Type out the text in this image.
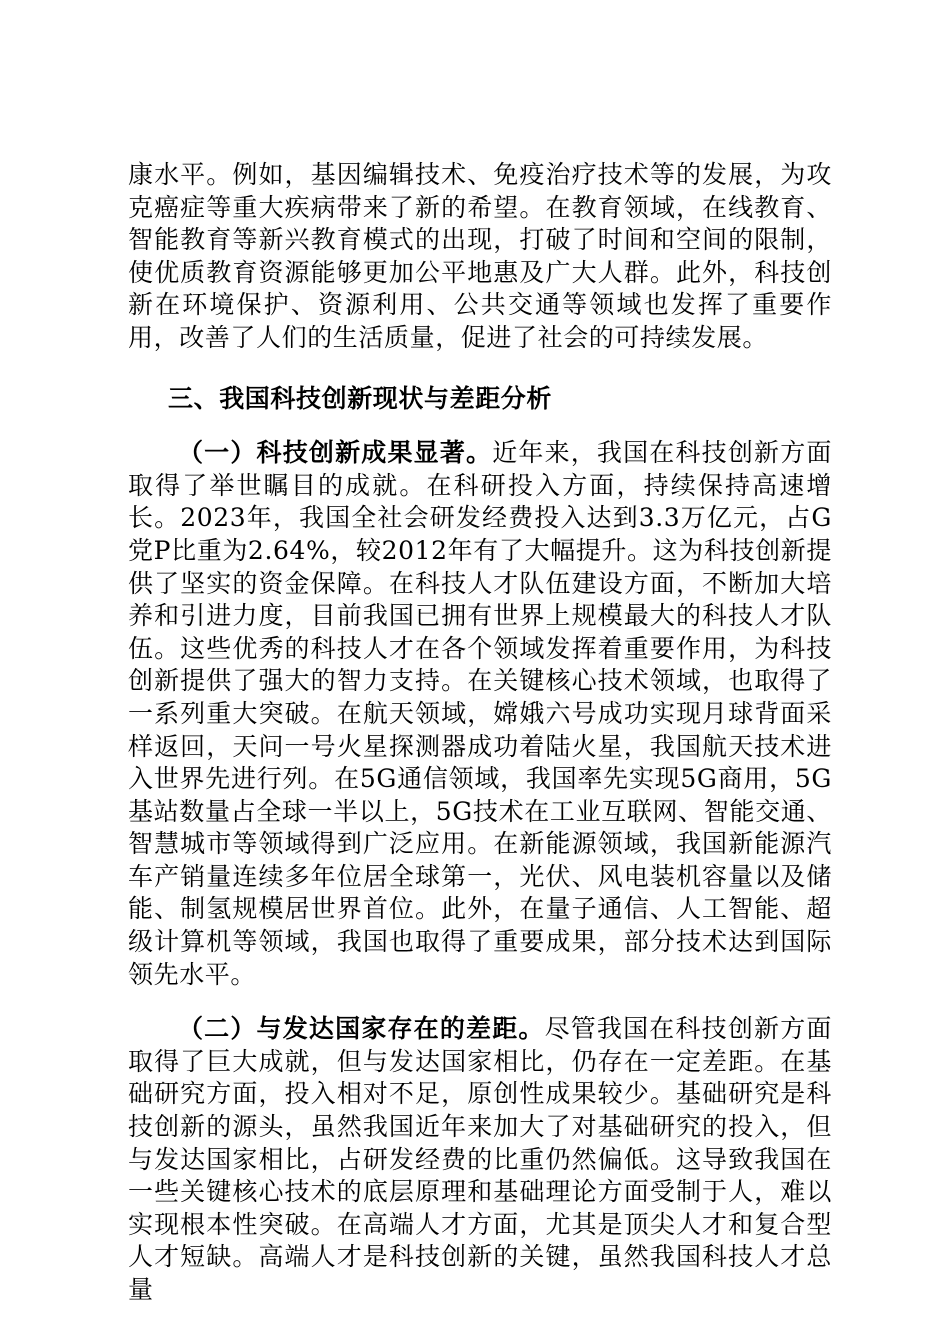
康水平。例如，基因编辑技术、免疫治疗技术等的发展，为攻克癌症等重大疾病带来了新的希望。在教育领域，在线教育、智能教育等新兴教育模式的出现，打破了时间和空间的限制，使优质教育资源能够更加公平地惠及广大人群。此外，科技创新在环境保护、资源利用、公共交通等领域也发挥了重要作用，改善了人们的生活质量，促进了社会的可持续发展。

三、我国科技创新现状与差距分析

（一）科技创新成果显著。近年来，我国在科技创新方面取得了举世瞩目的成就。在科研投入方面，持续保持高速增长。2023年，我国全社会研发经费投入达到3.3万亿元，占G党P比重为2.64%，较2012年有了大幅提升。这为科技创新提供了坚实的资金保障。在科技人才队伍建设方面，不断加大培养和引进力度，目前我国已拥有世界上规模最大的科技人才队伍。这些优秀的科技人才在各个领域发挥着重要作用，为科技创新提供了强大的智力支持。在关键核心技术领域，也取得了一系列重大突破。在航天领域，嫦娥六号成功实现月球背面采样返回，天问一号火星探测器成功着陆火星，我国航天技术进入世界先进行列。在5G通信领域，我国率先实现5G商用，5G基站数量占全球一半以上，5G技术在工业互联网、智能交通、智慧城市等领域得到广泛应用。在新能源领域，我国新能源汽车产销量连续多年位居全球第一，光伏、风电装机容量以及储能、制氢规模居世界首位。此外，在量子通信、人工智能、超级计算机等领域，我国也取得了重要成果，部分技术达到国际领先水平。

（二）与发达国家存在的差距。尽管我国在科技创新方面取得了巨大成就，但与发达国家相比，仍存在一定差距。在基础研究方面，投入相对不足，原创性成果较少。基础研究是科技创新的源头，虽然我国近年来加大了对基础研究的投入，但与发达国家相比，占研发经费的比重仍然偏低。这导致我国在一些关键核心技术的底层原理和基础理论方面受制于人，难以实现根本性突破。在高端人才方面，尤其是顶尖人才和复合型人才短缺。高端人才是科技创新的关键，虽然我国科技人才总量
